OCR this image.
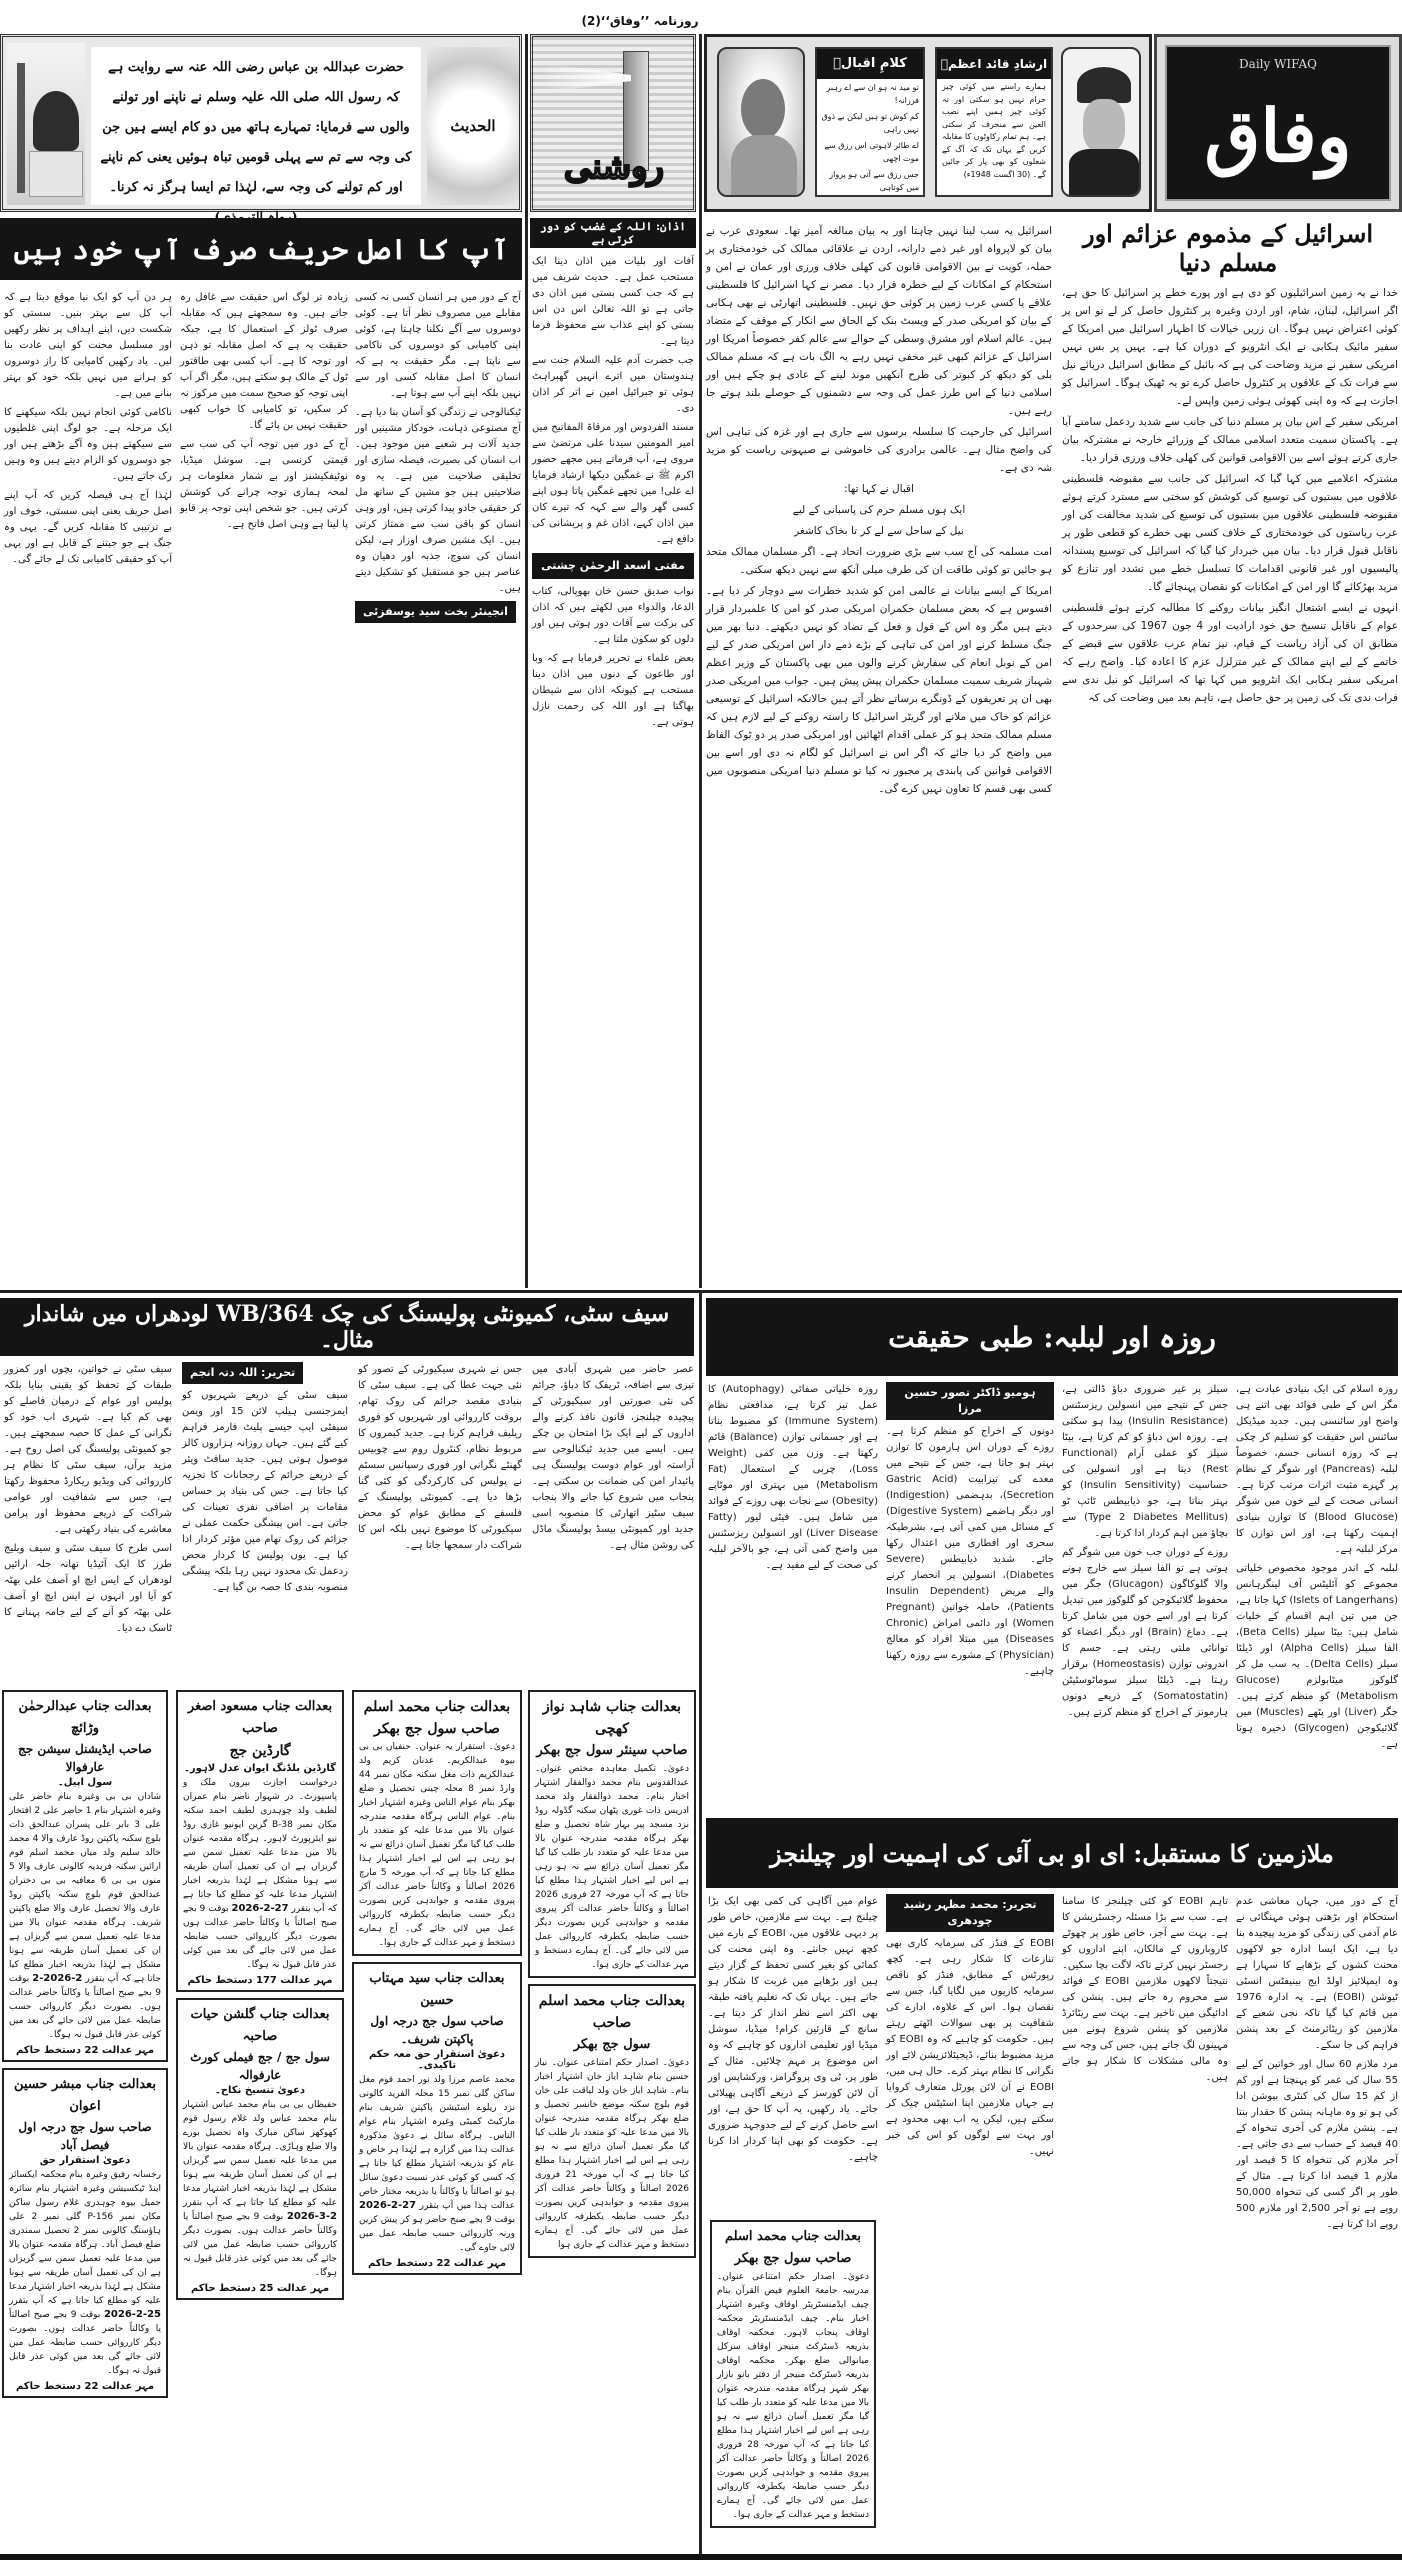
روزنامہ ’’وفاق‘‘(2)
حضرت عبداللہ بن عباس رضی اللہ عنہ سے روایت ہے کہ رسول اللہ صلی اللہ علیہ وسلم نے ناپنے اور تولنے والوں سے فرمایا: تمہارے ہاتھ میں دو کام ایسے ہیں جن کی وجہ سے تم سے پہلی قومیں تباہ ہوئیں یعنی کم ناپنے اور کم تولنے کی وجہ سے، لہٰذا تم ایسا ہرگز نہ کرنا۔
الحدیث
روشنی
کلامِ اقبالؒ
تو مید نہ ہو ان سے اے رہبر فرزانہ!
کم کوش تو ہیں لیکن بے ذوق نہیں راہی
اے طائر لاہوتی اس رزق سے موت اچھی
جس رزق سے آتی ہو پرواز میں کوتاہی
ارشادِ قائد اعظمؒ
ہمارے راستے میں کوئی چیز حرام نہیں ہو سکتی اور نہ کوئی چیز ہمیں اپنے نصب العین سے منحرف کر سکتی ہے۔ ہم تمام رکاوٹوں کا مقابلہ کریں گے یہاں تک کہ آگ کے شعلوں کو بھی پار کر جائیں گے۔ (30 اگست 1948ء)
Daily WIFAQ
وفاق
آپ کا اصل حریف صرف آپ خود ہیں

آج کے دور میں ہر انسان کسی نہ کسی مقابلے میں مصروف نظر آتا ہے۔ کوئی دوسروں سے آگے نکلنا چاہتا ہے، کوئی اپنی کامیابی کو دوسروں کی ناکامی سے ناپتا ہے۔ مگر حقیقت یہ ہے کہ انسان کا اصل مقابلہ کسی اور سے نہیں بلکہ اپنے آپ سے ہوتا ہے۔

ٹیکنالوجی نے زندگی کو آسان بنا دیا ہے۔ آج مصنوعی ذہانت، خودکار مشینیں اور جدید آلات ہر شعبے میں موجود ہیں۔ اب انسان کی بصیرت، فیصلہ سازی اور تخلیقی صلاحیت میں ہے۔ یہ وہ صلاحیتیں ہیں جو مشین کے ساتھ مل کر حقیقی جادو پیدا کرتی ہیں، اور وہی انسان کو باقی سب سے ممتاز کرتی ہیں۔ ایک مشین صرف اوزار ہے، لیکن انسان کی سوچ، جذبہ اور دھیان وہ عناصر ہیں جو مستقبل کو تشکیل دیتے ہیں۔

انجینئر بخت سید یوسفزئی

زیادہ تر لوگ اس حقیقت سے غافل رہ جاتے ہیں۔ وہ سمجھتے ہیں کہ مقابلہ صرف ٹولز کے استعمال کا ہے، جبکہ حقیقت یہ ہے کہ اصل مقابلہ تو ذہن اور توجہ کا ہے۔ آپ کسی بھی طاقتور ٹول کے مالک ہو سکتے ہیں، مگر اگر آپ اپنی توجہ کو صحیح سمت میں مرکوز نہ کر سکیں، تو کامیابی کا خواب کبھی حقیقت نہیں بن پائے گا۔

آج کے دور میں توجہ آپ کی سب سے قیمتی کرنسی ہے۔ سوشل میڈیا، نوٹیفکیشنز اور بے شمار معلومات ہر لمحہ ہماری توجہ چرانے کی کوشش کرتی ہیں۔ جو شخص اپنی توجہ پر قابو پا لیتا ہے وہی اصل فاتح ہے۔

ہر دن آپ کو ایک نیا موقع دیتا ہے کہ آپ کل سے بہتر بنیں۔ سستی کو شکست دیں، اپنے اہداف پر نظر رکھیں اور مسلسل محنت کو اپنی عادت بنا لیں۔ یاد رکھیں کامیابی کا راز دوسروں کو ہرانے میں نہیں بلکہ خود کو بہتر بنانے میں ہے۔

ناکامی کوئی انجام نہیں بلکہ سیکھنے کا ایک مرحلہ ہے۔ جو لوگ اپنی غلطیوں سے سیکھتے ہیں وہ آگے بڑھتے ہیں اور جو دوسروں کو الزام دیتے ہیں وہ وہیں رک جاتے ہیں۔

لہٰذا آج ہی فیصلہ کریں کہ آپ اپنے اصل حریف یعنی اپنی سستی، خوف اور بے ترتیبی کا مقابلہ کریں گے۔ یہی وہ جنگ ہے جو جیتنے کے قابل ہے اور یہی آپ کو حقیقی کامیابی تک لے جائے گی۔

اذان: اللہ کے غضب کو دور کرتی ہے

آفات اور بلیات میں اذان دینا ایک مستحب عمل ہے۔ حدیث شریف میں ہے کہ جب کسی بستی میں اذان دی جاتی ہے تو اللہ تعالیٰ اس دن اس بستی کو اپنے عذاب سے محفوظ فرما دیتا ہے۔

جب حضرت آدم علیہ السلام جنت سے ہندوستان میں اترے انہیں گھبراہٹ ہوئی تو جبرائیل امین نے اتر کر اذان دی۔

مسند الفردوس اور مرقاۃ المفاتیح میں امیر المومنین سیدنا علی مرتضیٰ سے مروی ہے، آپ فرماتے ہیں مجھے حضور اکرم ﷺ نے غمگین دیکھا ارشاد فرمایا اے علی! میں تجھے غمگین پاتا ہوں اپنے کسی گھر والے سے کہہ کہ تیرے کان میں اذان کہے، اذان غم و پریشانی کی دافع ہے۔

مفتی اسعد الرحمٰن چشتی

نواب صدیق حسن خان بھوپالی، کتاب الدعا، والدواء میں لکھتے ہیں کہ اذان کی برکت سے آفات دور ہوتی ہیں اور دلوں کو سکون ملتا ہے۔

بعض علماء نے تحریر فرمایا ہے کہ وبا اور طاعون کے دنوں میں اذان دینا مستحب ہے کیونکہ اذان سے شیطان بھاگتا ہے اور اللہ کی رحمت نازل ہوتی ہے۔

اسرائیل کے مذموم عزائم اور مسلم دنیا

خدا نے یہ زمین اسرائیلیوں کو دی ہے اور پورے خطے پر اسرائیل کا حق ہے، اگر اسرائیل، لبنان، شام، اور اردن وغیرہ پر کنٹرول حاصل کر لے تو اس پر کوئی اعتراض نہیں ہوگا۔ ان زریں خیالات کا اظہار اسرائیل میں امریکا کے سفیر مائیک ہکابی نے ایک انٹرویو کے دوران کیا ہے۔ یہیں پر بس نہیں امریکی سفیر نے مزید وضاحت کی ہے کہ بائبل کے مطابق اسرائیل دریائے نیل سے فرات تک کے علاقوں پر کنٹرول حاصل کرے تو یہ ٹھیک ہوگا۔ اسرائیل کو اجازت ہے کہ وہ اپنی کھوئی ہوئی زمین واپس لے۔

امریکی سفیر کے اس بیان پر مسلم دنیا کی جانب سے شدید ردعمل سامنے آیا ہے۔ پاکستان سمیت متعدد اسلامی ممالک کے وزرائے خارجہ نے مشترکہ بیان جاری کرتے ہوئے اسے بین الاقوامی قوانین کی کھلی خلاف ورزی قرار دیا۔

مشترکہ اعلامیے میں کہا گیا کہ اسرائیل کی جانب سے مقبوضہ فلسطینی علاقوں میں بستیوں کی توسیع کی کوشش کو سختی سے مسترد کرتے ہوئے مقبوضہ فلسطینی علاقوں میں بستیوں کی توسیع کی شدید مخالفت کی اور عرب ریاستوں کی خودمختاری کے خلاف کسی بھی خطرے کو قطعی طور پر ناقابل قبول قرار دیا۔ بیان میں خبردار کیا گیا کہ اسرائیل کی توسیع پسندانہ پالیسیوں اور غیر قانونی اقدامات کا تسلسل خطے میں تشدد اور تنازع کو مزید بھڑکائے گا اور امن کے امکانات کو نقصان پہنچائے گا۔

انہوں نے ایسے اشتعال انگیز بیانات روکنے کا مطالبہ کرتے ہوئے فلسطینی عوام کے ناقابل تنسیخ حق خود ارادیت اور 4 جون 1967 کی سرحدوں کے مطابق ان کی آزاد ریاست کے قیام، نیز تمام عرب علاقوں سے قبضے کے خاتمے کے لیے اپنے ممالک کے غیر متزلزل عزم کا اعادہ کیا۔ واضح رہے کہ امریکی سفیر ہکابی ایک انٹرویو میں کہا تھا کہ اسرائیل کو نیل ندی سے فرات ندی تک کی زمین پر حق حاصل ہے، تاہم بعد میں وضاحت کی کہ

اسرائیل یہ سب لینا نہیں چاہتا اور یہ بیان مبالغہ آمیز تھا۔ سعودی عرب نے بیان کو لاپرواہ اور غیر ذمے دارانہ، اردن نے علاقائی ممالک کی خودمختاری پر حملہ، کویت نے بین الاقوامی قانون کی کھلی خلاف ورزی اور عمان نے امن و استحکام کے امکانات کے لیے خطرہ قرار دیا۔ مصر نے کہا اسرائیل کا فلسطینی علاقے یا کسی عرب زمین پر کوئی حق نہیں۔ فلسطینی اتھارٹی نے بھی ہکابی کے بیان کو امریکی صدر کے ویسٹ بنک کے الحاق سے انکار کے موقف کے متضاد ہیں۔ عالم اسلام اور مشرق وسطی کے حوالے سے عالم کفر خصوصاً امریکا اور اسرائیل کے عزائم کبھی غیر مخفی نہیں رہے یہ الگ بات ہے کہ مسلم ممالک بلی کو دیکھ کر کبوتر کی طرح آنکھیں موند لینے کے عادی ہو چکے ہیں اور اسلامی دنیا کے اس طرز عمل کی وجہ سے دشمنوں کے حوصلے بلند ہوتے جا رہے ہیں۔

اسرائیل کی جارحیت کا سلسلہ برسوں سے جاری ہے اور غزہ کی تباہی اس کی واضح مثال ہے۔ عالمی برادری کی خاموشی نے صیہونی ریاست کو مزید شہ دی ہے۔

اقبال نے کہا تھا:

ایک ہوں مسلم حرم کی پاسبانی کے لیے

نیل کے ساحل سے لے کر تا بخاک کاشغر

امت مسلمہ کی آج سب سے بڑی ضرورت اتحاد ہے۔ اگر مسلمان ممالک متحد ہو جائیں تو کوئی طاقت ان کی طرف میلی آنکھ سے نہیں دیکھ سکتی۔

امریکا کے ایسے بیانات نے عالمی امن کو شدید خطرات سے دوچار کر دیا ہے۔ افسوس ہے کہ بعض مسلمان حکمران امریکی صدر کو امن کا علمبردار قرار دیتے ہیں مگر وہ اس کے قول و فعل کے تضاد کو نہیں دیکھتے۔ دنیا بھر میں جنگ مسلط کرنے اور امن کی تباہی کے بڑے ذمے دار اس امریکی صدر کے لیے امن کے نوبل انعام کی سفارش کرنے والوں میں بھی پاکستان کے وزیر اعظم شہباز شریف سمیت مسلمان حکمران پیش پیش ہیں۔ جواب میں امریکی صدر بھی ان پر تعریفوں کے ڈونگرے برساتے نظر آتے ہیں حالانکہ اسرائیل کے توسیعی عزائم کو خاک میں ملانے اور گریٹر اسرائیل کا راستہ روکنے کے لیے لازم ہیں کہ مسلم ممالک متحد ہو کر عملی اقدام اٹھائیں اور امریکی صدر پر دو ٹوک الفاظ میں واضح کر دیا جائے کہ اگر اس نے اسرائیل کو لگام نہ دی اور اسے بین الاقوامی قوانین کی پابندی پر مجبور نہ کیا تو مسلم دنیا امریکی منصوبوں میں کسی بھی قسم کا تعاون نہیں کرے گی۔

سیف سٹی، کمیونٹی پولیسنگ کی چک WB/364 لودھراں میں شاندار مثال۔

عصر حاضر میں شہری آبادی میں تیزی سے اضافہ، ٹریفک کا دباؤ، جرائم کی نئی صورتیں اور سیکیورٹی کے پیچیدہ چیلنجز، قانون نافذ کرنے والے اداروں کے لیے ایک بڑا امتحان بن چکے ہیں۔ ایسے میں جدید ٹیکنالوجی سے آراستہ اور عوام دوست پولیسنگ ہی پائیدار امن کی ضمانت بن سکتی ہے۔ پنجاب میں شروع کیا جانے والا پنجاب سیف سٹیز اتھارٹی کا منصوبہ اسی جدید اور کمیونٹی بیسڈ پولیسنگ ماڈل کی روشن مثال ہے۔

جس نے شہری سیکیورٹی کے تصور کو نئی جہت عطا کی ہے۔ سیف سٹی کا بنیادی مقصد جرائم کی روک تھام، بروقت کارروائی اور شہریوں کو فوری ریلیف فراہم کرنا ہے۔ جدید کیمروں کا مربوط نظام، کنٹرول روم سے چوبیس گھنٹے نگرانی اور فوری رسپانس سسٹم نے پولیس کی کارکردگی کو کئی گنا بڑھا دیا ہے۔ کمیونٹی پولیسنگ کے فلسفے کے مطابق عوام کو محض سیکیورٹی کا موضوع نہیں بلکہ اس کا شراکت دار سمجھا جاتا ہے۔

تحریر: اللہ دتہ انجم

سیف سٹی کے ذریعے شہریوں کو ایمرجنسی ہیلپ لائن 15 اور ویمن سیفٹی ایپ جیسے پلیٹ فارمز فراہم کیے گئے ہیں۔ جہاں روزانہ ہزاروں کالز موصول ہوتی ہیں۔ جدید سافٹ ویئر کے ذریعے جرائم کے رجحانات کا تجزیہ کیا جاتا ہے۔ جس کی بنیاد پر حساس مقامات پر اضافی نفری تعینات کی جاتی ہے۔ اس پیشگی حکمت عملی نے جرائم کی روک تھام میں مؤثر کردار ادا کیا ہے۔ یوں پولیس کا کردار محض ردعمل تک محدود نہیں رہا بلکہ پیشگی منصوبہ بندی کا حصہ بن گیا ہے۔

سیف سٹی نے خواتین، بچوں اور کمزور طبقات کے تحفظ کو یقینی بنایا بلکہ پولیس اور عوام کے درمیان فاصلے کو بھی کم کیا ہے۔ شہری اب خود کو نگرانی کے عمل کا حصہ سمجھتے ہیں۔ جو کمیونٹی پولیسنگ کی اصل روح ہے۔ مزید برآں، سیف سٹی کا نظام ہر کارروائی کی ویڈیو ریکارڈ محفوظ رکھتا ہے، جس سے شفافیت اور عوامی شراکت کے ذریعے محفوظ اور پرامن معاشرے کی بنیاد رکھتی ہے۔

اسی طرح کا سیف سٹی و سیف ویلیج طرز کا ایک آئیڈیا تھانہ جلہ ارائیں لودھراں کے ایس ایچ او آصف علی بھٹہ کو آیا اور انہوں نے ایس ایچ او آصف علی بھٹہ کو آنے کے لیے جامہ پہنانے کا ٹاسک دے دیا۔

بعدالت جناب شاہد نواز کھچی
صاحب سینئر سول جج بھکر
دعویٰ۔ تکمیل معاہدہ مختص عنوان۔ عبدالقدوس بنام محمد ذوالفقار اشتہار اخبار بنام۔ محمد ذوالفقار ولد محمد ادریس ذات غوری پٹھان سکنہ گڈولہ روڈ نزد مسجد پیر بہار شاہ تحصیل و ضلع بھکر ہرگاہ مقدمہ مندرجہ عنوان بالا میں مدعا علیہ کو متعدد بار طلب کیا گیا مگر تعمیل آسان ذرائع سے نہ ہو رہی ہے اس لیے اخبار اشتہار ہذا مطلع کیا جاتا ہے کہ آپ مورخہ 27 فروری 2026 اصالتاً و وکالتاً حاضر عدالت آکر پیروی مقدمہ و جوابدہی کریں بصورت دیگر حسب ضابطہ یکطرفہ کارروائی عمل میں لائی جائے گی۔ آج ہمارے دستخط و مہر عدالت کے جاری ہوا۔
بعدالت جناب محمد اسلم صاحب
سول جج بھکر
دعویٰ۔ اصدار حکم امتناعی عنوان۔ نیاز حسین بنام شاہد ایاز خان اشتہار اخبار بنام۔ شاہد ایاز خان ولد لیاقت علی خان قوم بلوچ سکنہ موضع خانسر تحصیل و ضلع بھکر ہرگاہ مقدمہ مندرجہ عنوان بالا میں مدعا علیہ کو متعدد بار طلب کیا گیا مگر تعمیل آسان ذرائع سے نہ ہو رہی ہے اس لیے اخبار اشتہار ہذا مطلع کیا جاتا ہے کہ آپ مورخہ 21 فروری 2026 اصالتاً و وکالتاً حاضر عدالت آکر پیروی مقدمہ و جوابدہی کریں بصورت دیگر حسب ضابطہ یکطرفہ کارروائی عمل میں لائی جائے گی۔ آج ہمارے دستخط و مہر عدالت کے جاری ہوا
بعدالت جناب محمد اسلم
صاحب سول جج بھکر
دعویٰ۔ استقرار یہ عنوان۔ حنفیاں بی بی بیوہ عبدالکریم۔ عدنان کریم ولد عبدالکریم ذات مغل سکنہ مکان نمبر 44 وارڈ نمبر 8 محلہ چینی تحصیل و ضلع بھکر بنام عوام الناس وغیرہ اشتہار اخبار بنام۔ عوام الناس ہرگاہ مقدمہ مندرجہ عنوان بالا میں مدعا علیہ کو متعدد بار طلب کیا گیا مگر تعمیل آسان ذرائع سے نہ ہو رہی ہے اس لیے اخبار اشتہار ہذا مطلع کیا جاتا ہے کہ آپ مورخہ 5 مارچ 2026 اصالتاً و وکالتاً حاضر عدالت آکر پیروی مقدمہ و جوابدہی کریں بصورت دیگر حسب ضابطہ یکطرفہ کارروائی عمل میں لائی جائے گی۔ آج ہمارے دستخط و مہر عدالت کے جاری ہوا۔
بعدالت جناب سید مہتاب حسین
صاحب سول جج درجہ اول پاکپتن شریف۔
دعویٰ استقرار حق معہ حکم تاکیدی۔
محمد عاصم مرزا ولد نور احمد قوم مغل ساکن گلی نمبر 15 محلہ الفرید کالونی نزد ریلوے اسٹیشن پاکپتن شریف بنام مارکیٹ کمیٹی وغیرہ اشتہار بنام عوام الناس۔ ہرگاہ سائل نے دعویٰ مذکورہ عدالت ہذا میں گزارہ ہے لہٰذا ہر خاص و عام کو بذریعہ اشتہار مطلع کیا جاتا ہے کہ کسی کو کوئی عذر نسبت دعویٰ سائل ہو تو اصالتاً یا وکالتاً یا بذریعہ مختار خاص عدالت ہذا میں آپ بتقرر 27-2-2026 بوقت 9 بجے صبح حاضر ہو کر پیش کریں ورنہ کارروائی حسب ضابطہ عمل میں لائی جاوے گی۔
مہر عدالت 22 دستخط حاکم
بعدالت جناب مسعود اصغر صاحب
گارڈین جج
گارڈین بلڈنگ ایوان عدل لاہور۔
درخواست اجازت بیرون ملک و پاسپورٹ۔ در شہوار ناصر بنام عمران لطیف ولد چوہدری لطیف احمد سکنہ مکان نمبر B-38 گرین ایونیو غازی روڈ نیو ایئرپورٹ لاہور۔ ہرگاہ مقدمہ عنوان بالا میں مدعا علیہ تعمیل سمن سے گریزاں ہے ان کی تعمیل آسان طریقہ سے ہونا مشکل ہے لہٰذا بذریعہ اخبار اشتہار مدعا علیہ کو مطلع کیا جاتا ہے کہ آپ بتقرر 27-2-2026 بوقت 9 بجے صبح اصالتاً یا وکالتاً حاضر عدالت ہوں بصورت دیگر کارروائی حسب ضابطہ عمل میں لائی جائے گی بعد میں کوئی عذر قابل قبول نہ ہوگا۔
مہر عدالت 177 دستخط حاکم
بعدالت جناب گلشن حیات صاحبہ
سول جج / جج فیملی کورٹ عارفوالہ
دعویٰ تنسیخ نکاح۔
حفیظاں بی بی بنام محمد عباس اشتہار بنام محمد عباس ولد غلام رسول قوم کھوکھر ساکن مبارک واہ تحصیل بورے والا ضلع وہاڑی۔ ہرگاہ مقدمہ عنوان بالا میں مدعا علیہ تعمیل سمن سے گریزاں ہے ان کی تعمیل آسان طریقہ سے ہونا مشکل ہے لہٰذا بذریعہ اخبار اشتہار مدعا علیہ کو مطلع کیا جاتا ہے کہ آپ بتقرر 2-3-2026 بوقت 9 بجے صبح اصالتاً یا وکالتاً حاضر عدالت ہوں۔ بصورت دیگر کارروائی حسب ضابطہ عمل میں لائی جائے گی بعد میں کوئی عذر قابل قبول نہ ہوگا۔
مہر عدالت 25 دستخط حاکم
بعدالت جناب عبدالرحمٰن وڑائچ
صاحب ایڈیشنل سیشن جج عارفوالا
سول اپیل۔
شاداں بی بی وغیرہ بنام حاضر علی وغیرہ اشتہار بنام 1 حاضر علی 2 افتخار علی 3 بابر علی پسران عبدالحق ذات بلوچ سکنہ پاکپتن روڈ عارف والا 4 محمد خالد سلیم ولد میاں محمد اسلم قوم ارائیں سکنہ فریدیہ کالونی عارف والا 5 منوں بی بی 6 معافیہ بی بی دختران عبدالحق قوم بلوچ سکنہ پاکپتن روڈ عارف والا تحصیل عارف والا ضلع پاکپتن شریف۔ ہرگاہ مقدمہ عنوان بالا میں مدعا علیہ تعمیل سمن سے گریزاں ہے ان کی تعمیل آسان طریقہ سے ہونا مشکل ہے لہٰذا بذریعہ اخبار مطلع کیا جاتا ہے کہ آپ بتقرر 2-2026-2 بوقت 9 بجے صبح اصالتاً یا وکالتاً حاضر عدالت ہوں۔ بصورت دیگر کارروائی حسب ضابطہ عمل میں لائی جائے گی بعد میں کوئی عذر قابل قبول نہ ہوگا۔
مہر عدالت 22 دستخط حاکم
بعدالت جناب مبشر حسین اعوان
صاحب سول جج درجہ اول فیصل آباد
دعویٰ استقرار حق
رخسانہ رفیق وغیرہ بنام محکمہ ایکسائز اینڈ ٹیکسیشن وغیرہ اشتہار بنام سائرہ جمیل بیوہ چوہدری غلام رسول ساکن مکان نمبر P-156 گلی نمبر 2 علی ہاؤسنگ کالونی نمبر 2 تحصیل سمندری ضلع فیصل آباد۔ ہرگاہ مقدمہ عنوان بالا میں مدعا علیہ تعمیل سمن سے گریزاں ہے ان کی تعمیل آسان طریقہ سے ہونا مشکل ہے لہٰذا بذریعہ اخبار اشتہار مدعا علیہ کو مطلع کیا جاتا ہے کہ آپ بتقرر 25-2-2026 بوقت 9 بجے صبح اصالتاً یا وکالتاً حاضر عدالت ہوں۔ بصورت دیگر کارروائی حسب ضابطہ عمل میں لائی جائے گی بعد میں کوئی عذر قابل قبول نہ ہوگا۔
مہر عدالت 22 دستخط حاکم
روزہ اور لبلبہ: طبی حقیقت

روزہ اسلام کی ایک بنیادی عبادت ہے، مگر اس کے طبی فوائد بھی اتنے ہی واضح اور سائنسی ہیں۔ جدید میڈیکل سائنس اس حقیقت کو تسلیم کر چکی ہے کہ روزہ انسانی جسم، خصوصاً لبلبہ (Pancreas) اور شوگر کے نظام پر گہرے مثبت اثرات مرتب کرتا ہے۔ انسانی صحت کے لیے خون میں شوگر (Blood Glucose) کا توازن بنیادی اہمیت رکھتا ہے، اور اس توازن کا مرکز لبلبہ ہے۔

لبلبہ کے اندر موجود مخصوص خلیاتی مجموعے کو آئلیٹس آف لینگرہانس (Islets of Langerhans) کہا جاتا ہے، جن میں تین اہم اقسام کے خلیات شامل ہیں: بیٹا سیلز (Beta Cells)، الفا سیلز (Alpha Cells) اور ڈیلٹا سیلز (Delta Cells)۔ یہ سب مل کر گلوکوز میٹابولزم (Glucose Metabolism) کو منظم کرتے ہیں۔ جگر (Liver) اور پٹھے (Muscles) میں گلائیکوجن (Glycogen) ذخیرہ ہوتا ہے۔

سیلز پر غیر ضروری دباؤ ڈالتی ہے، جس کے نتیجے میں انسولین ریزسٹنس (Insulin Resistance) پیدا ہو سکتی ہے۔ روزہ اس دباؤ کو کم کرتا ہے، بیٹا سیلز کو عملی آرام (Functional Rest) دیتا ہے اور انسولین کی حساسیت (Insulin Sensitivity) کو بہتر بناتا ہے، جو ذیابیطس ٹائپ ٹو (Type 2 Diabetes Mellitus) سے بچاؤ میں اہم کردار ادا کرتا ہے۔

روزے کے دوران جب خون میں شوگر کم ہوتی ہے تو الفا سیلز سے خارج ہونے والا گلوکاگون (Glucagon) جگر میں محفوظ گلائیکوجن کو گلوکوز میں تبدیل کرتا ہے اور اسے خون میں شامل کرتا ہے۔ دماغ (Brain) اور دیگر اعضاء کو توانائی ملتی رہتی ہے۔ جسم کا اندرونی توازن (Homeostasis) برقرار رہتا ہے۔ ڈیلٹا سیلز سوماٹوسٹیٹن (Somatostatin) کے ذریعے دونوں ہارمونز کے اخراج کو منظم کرتے ہیں۔

ہومیو ڈاکٹر تصور حسین مرزا

دونوں کے اخراج کو منظم کرتا ہے۔ روزے کے دوران اس ہارمون کا توازن بہتر ہو جاتا ہے، جس کے نتیجے میں معدے کی تیزابیت (Gastric Acid Secretion)، بدہضمی (Indigestion) اور دیگر ہاضمے (Digestive System) کے مسائل میں کمی آتی ہے، بشرطیکہ سحری اور افطاری میں اعتدال رکھا جائے۔ شدید ذیابیطس (Severe Diabetes)، انسولین پر انحصار کرنے والے مریض (Insulin Dependent Patients)، حاملہ خواتین (Pregnant Women) اور دائمی امراض (Chronic Diseases) میں مبتلا افراد کو معالج (Physician) کے مشورے سے روزہ رکھنا چاہیے۔

روزہ خلیاتی صفائی (Autophagy) کا عمل تیز کرتا ہے، مدافعتی نظام (Immune System) کو مضبوط بناتا ہے اور جسمانی توازن (Balance) قائم رکھتا ہے۔ وزن میں کمی (Weight Loss)، چربی کے استعمال (Fat Metabolism) میں بہتری اور موٹاپے (Obesity) سے نجات بھی روزے کے فوائد میں شامل ہیں۔ فیٹی لیور (Fatty Liver Disease) اور انسولین ریزسٹنس میں واضح کمی آتی ہے، جو بالآخر لبلبہ کی صحت کے لیے مفید ہے۔

ملازمین کا مستقبل: ای او بی آئی کی اہمیت اور چیلنجز

آج کے دور میں، جہاں معاشی عدم استحکام اور بڑھتی ہوئی مہنگائی نے عام آدمی کی زندگی کو مزید پیچیدہ بنا دیا ہے، ایک ایسا ادارہ جو لاکھوں محنت کشوں کے بڑھاپے کا سہارا ہے وہ ایمپلائیز اولڈ ایج بینیفٹس انسٹی ٹیوشن (EOBI) ہے۔ یہ ادارہ 1976 میں قائم کیا گیا تاکہ نجی شعبے کے ملازمین کو ریٹائرمنٹ کے بعد پنشن فراہم کی جا سکے۔

مرد ملازم 60 سال اور خواتین کے لیے 55 سال کی عمر کو پہنچتا ہے اور کم از کم 15 سال کی کنٹری بیوشن ادا کی ہو تو وہ ماہانہ پنشن کا حقدار بنتا ہے۔ پنشن ملازم کی آخری تنخواہ کے 40 فیصد کے حساب سے دی جاتی ہے۔ آجر ملازم کی تنخواہ کا 5 فیصد اور ملازم 1 فیصد ادا کرتا ہے۔ مثال کے طور پر اگر کسی کی تنخواہ 50,000 روپے ہے تو آجر 2,500 اور ملازم 500 روپے ادا کرتا ہے۔

تاہم EOBI کو کئی چیلنجز کا سامنا ہے۔ سب سے بڑا مسئلہ رجسٹریشن کا ہے۔ بہت سے آجر، خاص طور پر چھوٹے کاروباروں کے مالکان، اپنے اداروں کو رجسٹر نہیں کرتے تاکہ لاگت بچا سکیں۔ نتیجتاً لاکھوں ملازمین EOBI کے فوائد سے محروم رہ جاتے ہیں۔ پنشن کی ادائیگی میں تاخیر ہے۔ بہت سے ریٹائرڈ ملازمین کو پنشن شروع ہونے میں مہینوں لگ جاتے ہیں، جس کی وجہ سے وہ مالی مشکلات کا شکار ہو جاتے ہیں۔

تحریر: محمد مظہر رشید چودھری

EOBI کے فنڈز کی سرمایہ کاری بھی تنازعات کا شکار رہی ہے۔ کچھ رپورٹس کے مطابق، فنڈز کو ناقص سرمایہ کاریوں میں لگایا گیا، جس سے نقصان ہوا۔ اس کے علاوہ، ادارے کی شفافیت پر بھی سوالات اٹھتے رہتے ہیں۔ حکومت کو چاہیے کہ وہ EOBI کو مزید مضبوط بنائے، ڈیجیٹلائزیشن لائے اور نگرانی کا نظام بہتر کرے۔ حال ہی میں، EOBI نے آن لائن پورٹل متعارف کروایا ہے جہاں ملازمین اپنا اسٹیٹس چیک کر سکتے ہیں، لیکن یہ اب بھی محدود ہے اور بہت سے لوگوں کو اس کی خبر نہیں۔

عوام میں آگاہی کی کمی بھی ایک بڑا چیلنج ہے۔ بہت سے ملازمین، خاص طور پر دیہی علاقوں میں، EOBI کے بارے میں کچھ نہیں جانتے۔ وہ اپنی محنت کی کمائی کو بغیر کسی تحفظ کے گزار دیتے ہیں اور بڑھاپے میں غربت کا شکار ہو جاتے ہیں۔ یہاں تک کہ تعلیم یافتہ طبقہ بھی اکثر اسے نظر انداز کر دیتا ہے۔ سانچ کے قارئین کرام! میڈیا، سوشل میڈیا اور تعلیمی اداروں کو چاہیے کہ وہ اس موضوع پر مہم چلائیں۔ مثال کے طور پر، ٹی وی پروگرامز، ورکشاپس اور آن لائن کورسز کے ذریعے آگاہی پھیلائی جائے۔ یاد رکھیں، یہ آپ کا حق ہے، اور اسے حاصل کرنے کے لیے جدوجہد ضروری ہے۔ حکومت کو بھی اپنا کردار ادا کرنا چاہیے۔

بعدالت جناب محمد اسلم
صاحب سول جج بھکر
دعویٰ۔ اصدار حکم امتناعی عنوان۔ مدرسہ جامعۃ العلوم فیض القرآن بنام چیف ایڈمنسٹریٹر اوقاف وغیرہ اشتہار اخبار بنام۔ چیف ایڈمنسٹریٹر محکمہ اوقاف پنجاب لاہور۔ محکمہ اوقاف بذریعہ ڈسٹرکٹ منیجر اوقاف سرکل میانوالی ضلع بھکر۔ محکمہ اوقاف بذریعہ ڈسٹرکٹ منیجر از دفتر بانو بازار بھکر شہر ہرگاہ مقدمہ مندرجہ عنوان بالا میں مدعا علیہ کو متعدد بار طلب کیا گیا مگر تعمیل آسان ذرائع سے نہ ہو رہی ہے اس لیے اخبار اشتہار ہذا مطلع کیا جاتا ہے کہ آپ مورخہ 28 فروری 2026 اصالتاً و وکالتاً حاضر عدالت آکر پیروی مقدمہ و جوابدہی کریں بصورت دیگر حسب ضابطہ یکطرفہ کارروائی عمل میں لائی جائے گی۔ آج ہمارے دستخط و مہر عدالت کے جاری ہوا۔
